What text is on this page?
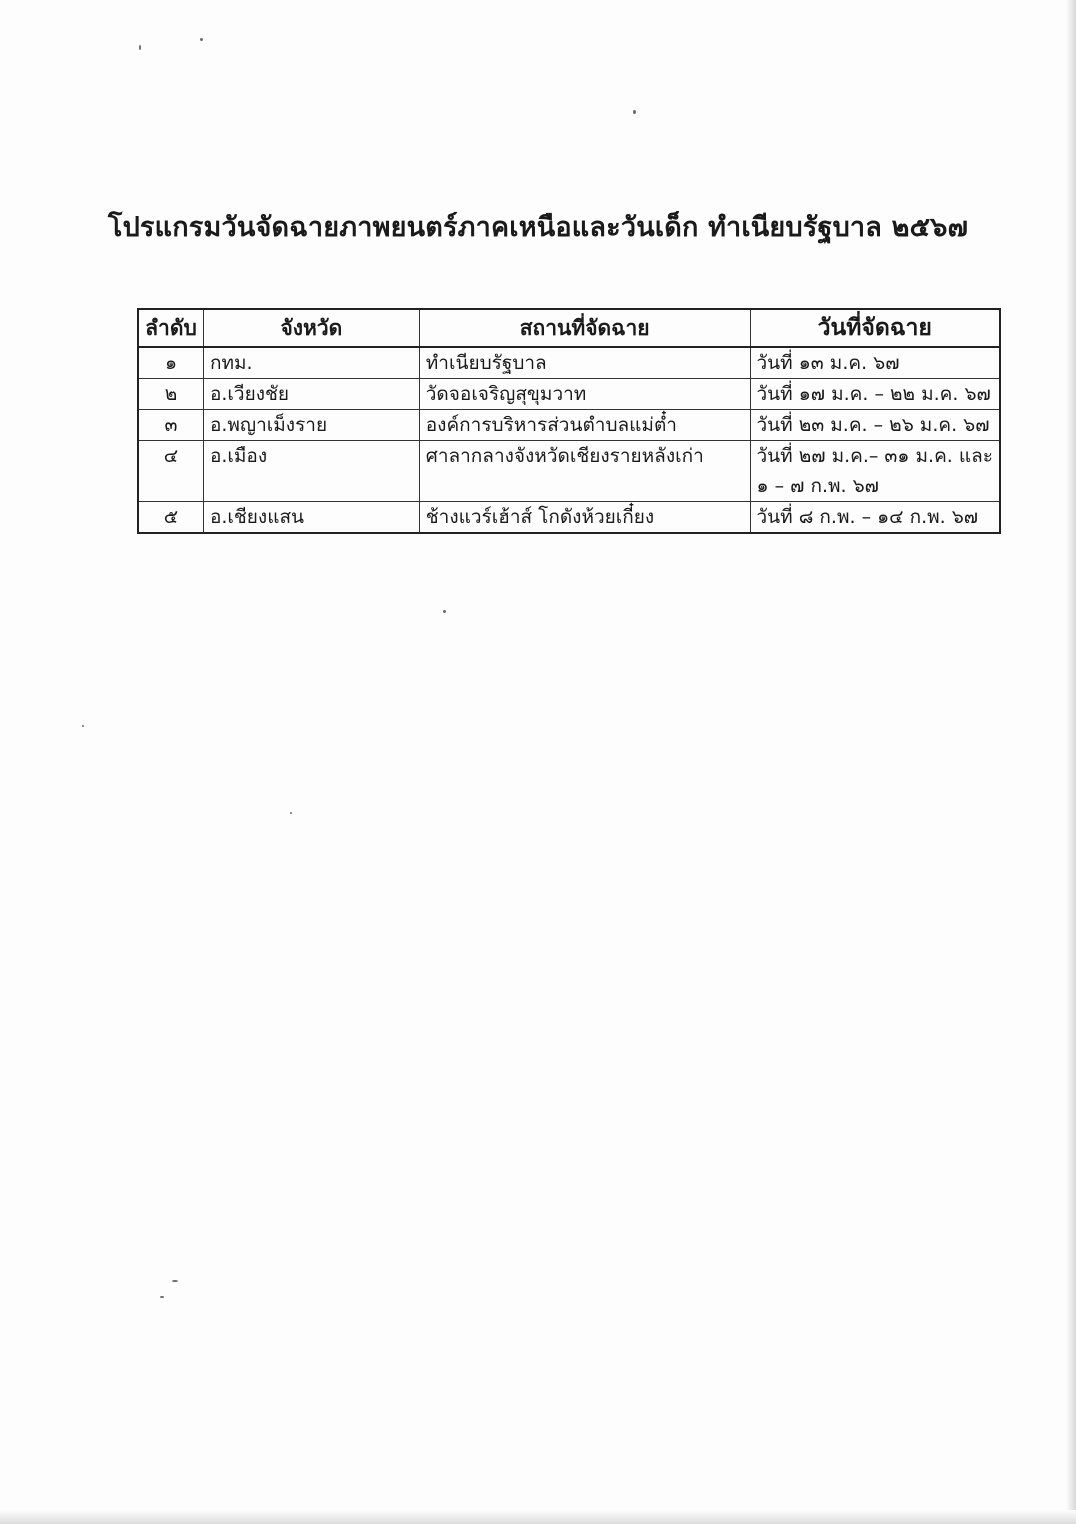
โปรแกรมวันจัดฉายภาพยนตร์ภาคเหนือและวันเด็ก ทำเนียบรัฐบาล ๒๕๖๗
ลำดับ	จังหวัด	สถานที่จัดฉาย	วันที่จัดฉาย
๑	กทม.	ทำเนียบรัฐบาล	วันที่ ๑๓ ม.ค. ๖๗

๒	อ.เวียงชัย	วัดจอเจริญสุขุมวาท	วันที่ ๑๗ ม.ค. – ๒๒ ม.ค. ๖๗

๓	อ.พญาเม็งราย	องค์การบริหารส่วนตำบลแม่ต๋ำ	วันที่ ๒๓ ม.ค. – ๒๖ ม.ค. ๖๗

๔	อ.เมือง	ศาลากลางจังหวัดเชียงรายหลังเก่า	วันที่ ๒๗ ม.ค.– ๓๑ ม.ค. และ
๑ – ๗ ก.พ. ๖๗

๕	อ.เชียงแสน	ช้างแวร์เฮ้าส์ โกดังห้วยเกี๋ยง	วันที่ ๘ ก.พ. – ๑๔ ก.พ. ๖๗
